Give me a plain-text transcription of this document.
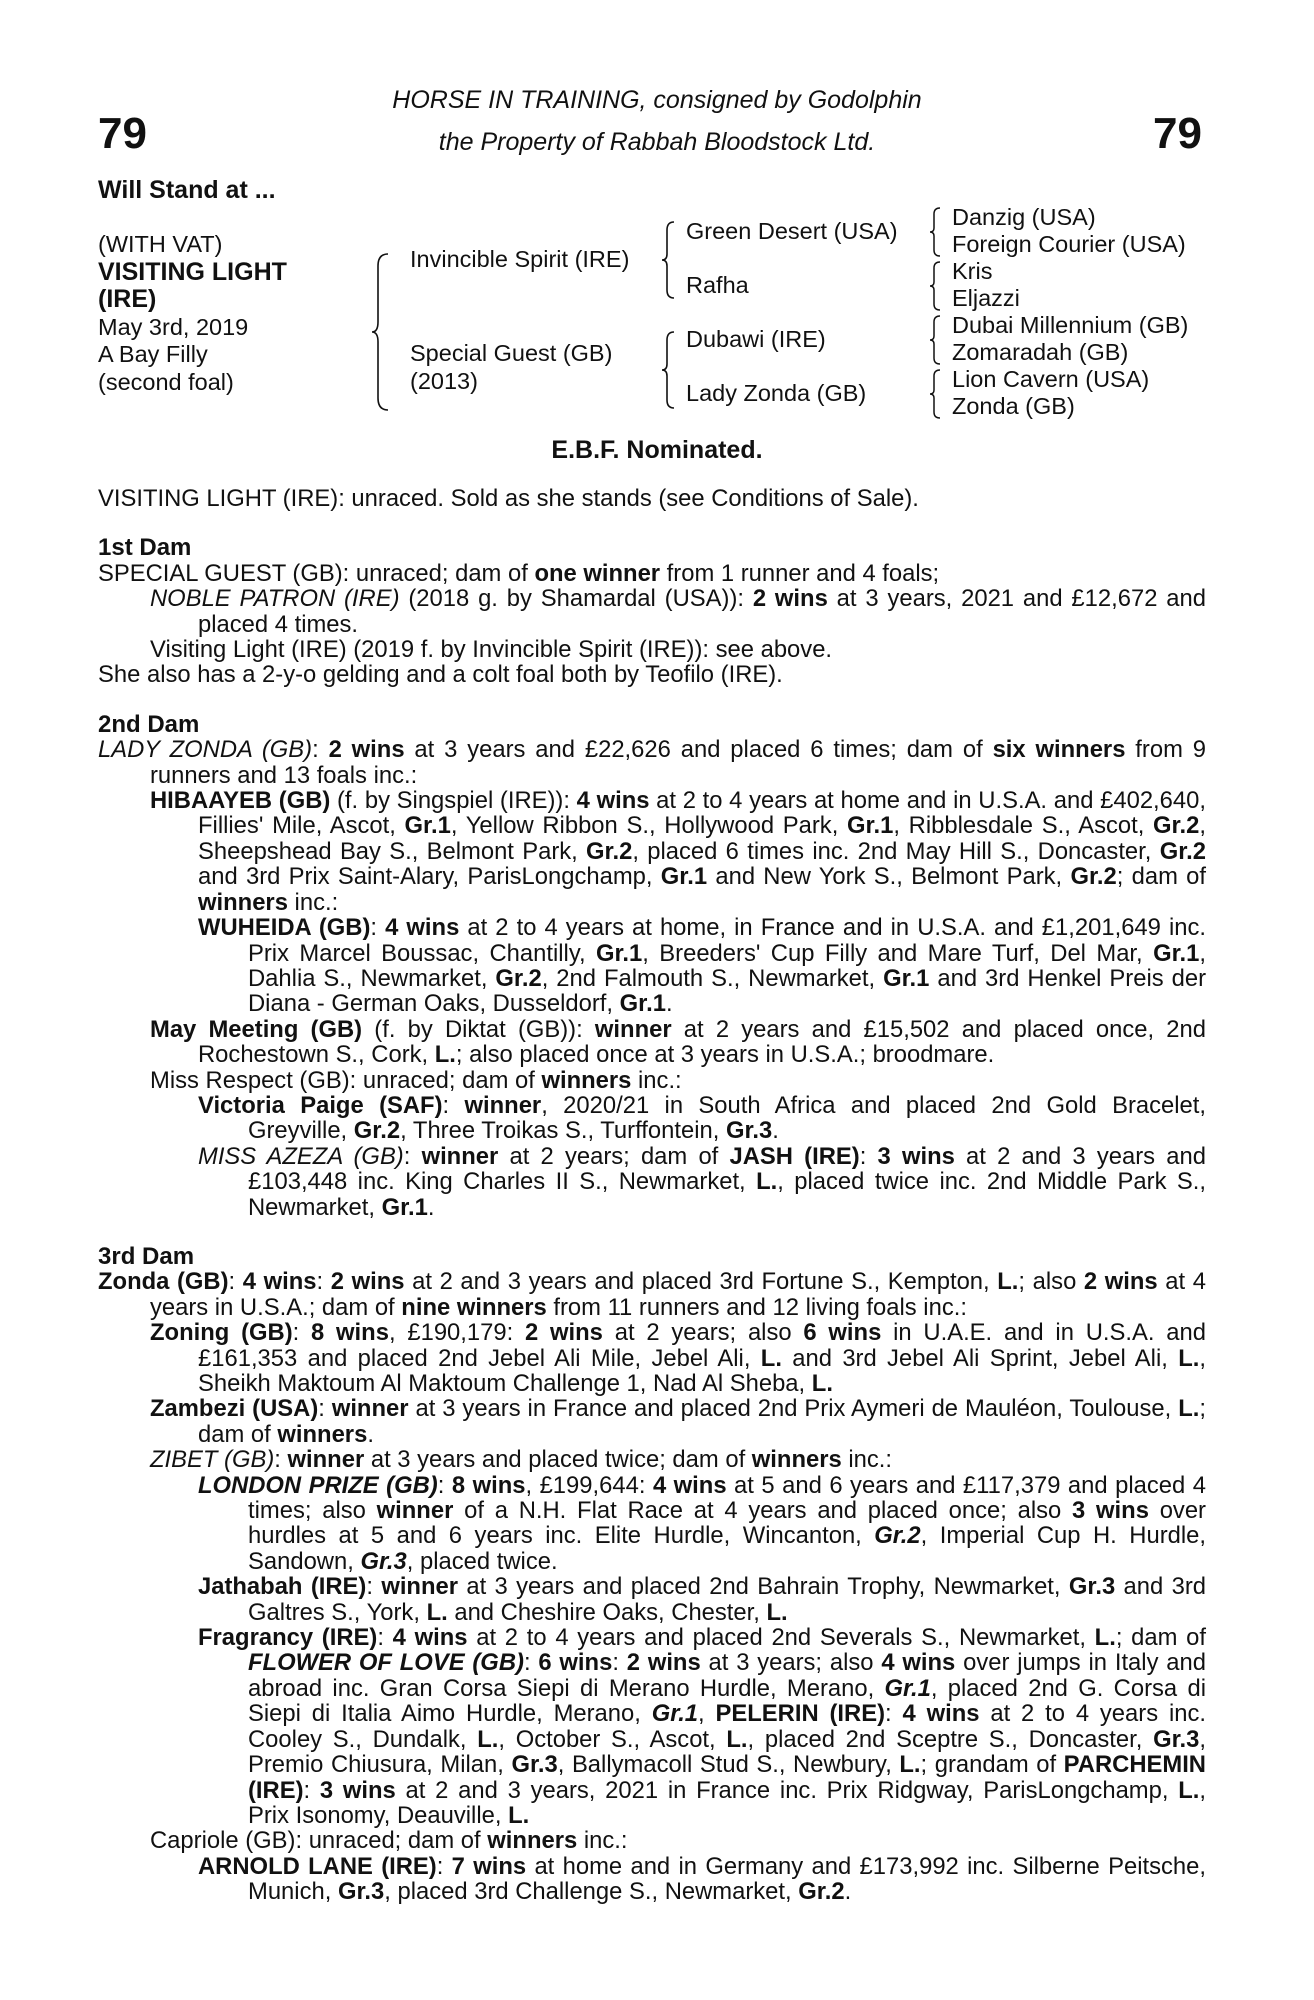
79	79
HORSE IN TRAINING, consigned by Godolphin
the Property of Rabbah Bloodstock Ltd.
Will Stand at ...
(WITH VAT)
VISITING LIGHT
(IRE)
May 3rd, 2019
A Bay Filly
(second foal)
Invincible Spirit (IRE)
Special Guest (GB)
(2013)
Green Desert (USA)
Rafha
Dubawi (IRE)
Lady Zonda (GB)
Danzig (USA)
Foreign Courier (USA)
Kris
Eljazzi
Dubai Millennium (GB)
Zomaradah (GB)
Lion Cavern (USA)
Zonda (GB)
E.B.F. Nominated.

VISITING LIGHT (IRE): unraced. Sold as she stands (see Conditions of Sale).

1st Dam

SPECIAL GUEST (GB): unraced; dam of one winner from 1 runner and 4 foals;

NOBLE PATRON (IRE) (2018 g. by Shamardal (USA)): 2 wins at 3 years, 2021 and £12,672 and placed 4 times.

Visiting Light (IRE) (2019 f. by Invincible Spirit (IRE)): see above.

She also has a 2-y-o gelding and a colt foal both by Teofilo (IRE).

2nd Dam

LADY ZONDA (GB): 2 wins at 3 years and £22,626 and placed 6 times; dam of six winners from 9 runners and 13 foals inc.:

HIBAAYEB (GB) (f. by Singspiel (IRE)): 4 wins at 2 to 4 years at home and in U.S.A. and £402,640, Fillies' Mile, Ascot, Gr.1, Yellow Ribbon S., Hollywood Park, Gr.1, Ribblesdale S., Ascot, Gr.2, Sheepshead Bay S., Belmont Park, Gr.2, placed 6 times inc. 2nd May Hill S., Doncaster, Gr.2 and 3rd Prix Saint-Alary, ParisLongchamp, Gr.1 and New York S., Belmont Park, Gr.2; dam of winners inc.:

WUHEIDA (GB): 4 wins at 2 to 4 years at home, in France and in U.S.A. and £1,201,649 inc. Prix Marcel Boussac, Chantilly, Gr.1, Breeders' Cup Filly and Mare Turf, Del Mar, Gr.1, Dahlia S., Newmarket, Gr.2, 2nd Falmouth S., Newmarket, Gr.1 and 3rd Henkel Preis der Diana - German Oaks, Dusseldorf, Gr.1.

May Meeting (GB) (f. by Diktat (GB)): winner at 2 years and £15,502 and placed once, 2nd Rochestown S., Cork, L.; also placed once at 3 years in U.S.A.; broodmare.

Miss Respect (GB): unraced; dam of winners inc.:

Victoria Paige (SAF): winner, 2020/21 in South Africa and placed 2nd Gold Bracelet, Greyville, Gr.2, Three Troikas S., Turffontein, Gr.3.

MISS AZEZA (GB): winner at 2 years; dam of JASH (IRE): 3 wins at 2 and 3 years and £103,448 inc. King Charles II S., Newmarket, L., placed twice inc. 2nd Middle Park S., Newmarket, Gr.1.

3rd Dam

Zonda (GB): 4 wins: 2 wins at 2 and 3 years and placed 3rd Fortune S., Kempton, L.; also 2 wins at 4 years in U.S.A.; dam of nine winners from 11 runners and 12 living foals inc.:

Zoning (GB): 8 wins, £190,179: 2 wins at 2 years; also 6 wins in U.A.E. and in U.S.A. and £161,353 and placed 2nd Jebel Ali Mile, Jebel Ali, L. and 3rd Jebel Ali Sprint, Jebel Ali, L., Sheikh Maktoum Al Maktoum Challenge 1, Nad Al Sheba, L.

Zambezi (USA): winner at 3 years in France and placed 2nd Prix Aymeri de Mauléon, Toulouse, L.; dam of winners.

ZIBET (GB): winner at 3 years and placed twice; dam of winners inc.:

LONDON PRIZE (GB): 8 wins, £199,644: 4 wins at 5 and 6 years and £117,379 and placed 4 times; also winner of a N.H. Flat Race at 4 years and placed once; also 3 wins over hurdles at 5 and 6 years inc. Elite Hurdle, Wincanton, Gr.2, Imperial Cup H. Hurdle, Sandown, Gr.3, placed twice.

Jathabah (IRE): winner at 3 years and placed 2nd Bahrain Trophy, Newmarket, Gr.3 and 3rd Galtres S., York, L. and Cheshire Oaks, Chester, L.

Fragrancy (IRE): 4 wins at 2 to 4 years and placed 2nd Severals S., Newmarket, L.; dam of FLOWER OF LOVE (GB): 6 wins: 2 wins at 3 years; also 4 wins over jumps in Italy and abroad inc. Gran Corsa Siepi di Merano Hurdle, Merano, Gr.1, placed 2nd G. Corsa di Siepi di Italia Aimo Hurdle, Merano, Gr.1, PELERIN (IRE): 4 wins at 2 to 4 years inc. Cooley S., Dundalk, L., October S., Ascot, L., placed 2nd Sceptre S., Doncaster, Gr.3, Premio Chiusura, Milan, Gr.3, Ballymacoll Stud S., Newbury, L.; grandam of PARCHEMIN (IRE): 3 wins at 2 and 3 years, 2021 in France inc. Prix Ridgway, ParisLongchamp, L., Prix Isonomy, Deauville, L.

Capriole (GB): unraced; dam of winners inc.:

ARNOLD LANE (IRE): 7 wins at home and in Germany and £173,992 inc. Silberne Peitsche, Munich, Gr.3, placed 3rd Challenge S., Newmarket, Gr.2.
